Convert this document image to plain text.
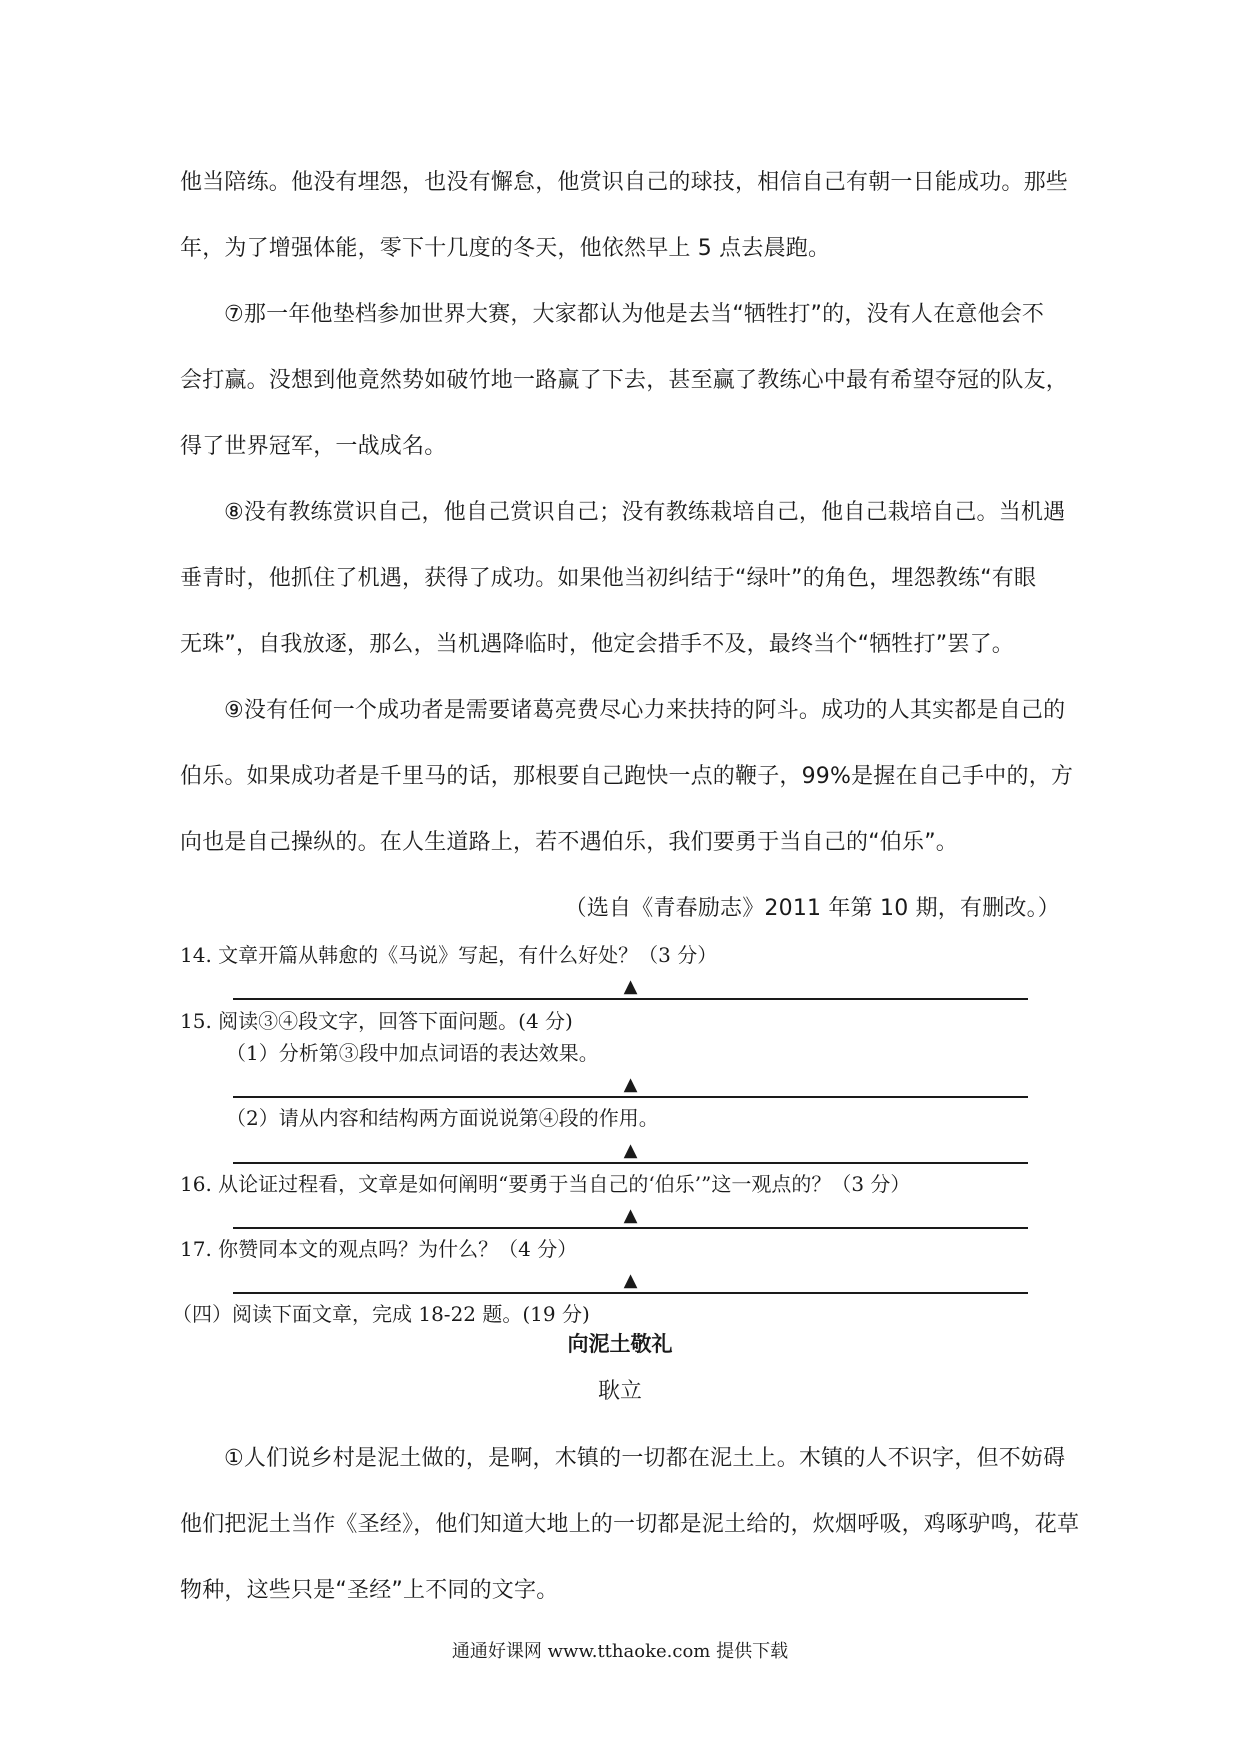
他当陪练。他没有埋怨，也没有懈怠，他赏识自己的球技，相信自己有朝一日能成功。那些
年，为了增强体能，零下十几度的冬天，他依然早上 5 点去晨跑。
⑦那一年他垫档参加世界大赛，大家都认为他是去当“牺牲打”的，没有人在意他会不
会打赢。没想到他竟然势如破竹地一路赢了下去，甚至赢了教练心中最有希望夺冠的队友，
得了世界冠军，一战成名。
⑧没有教练赏识自己，他自己赏识自己；没有教练栽培自己，他自己栽培自己。当机遇
垂青时，他抓住了机遇，获得了成功。如果他当初纠结于“绿叶”的角色，埋怨教练“有眼
无珠”，自我放逐，那么，当机遇降临时，他定会措手不及，最终当个“牺牲打”罢了。
⑨没有任何一个成功者是需要诸葛亮费尽心力来扶持的阿斗。成功的人其实都是自己的
伯乐。如果成功者是千里马的话，那根要自己跑快一点的鞭子，99%是握在自己手中的，方
向也是自己操纵的。在人生道路上，若不遇伯乐，我们要勇于当自己的“伯乐”。
（选自《青春励志》2011 年第 10 期，有删改。）
14. 文章开篇从韩愈的《马说》写起，有什么好处？（3 分）
▲
15. 阅读③④段文字，回答下面问题。(4 分)
（1）分析第③段中加点词语的表达效果。
▲
（2）请从内容和结构两方面说说第④段的作用。
▲
16. 从论证过程看，文章是如何阐明“要勇于当自己的‘伯乐’”这一观点的？（3 分）
▲
17. 你赞同本文的观点吗？为什么？（4 分）
▲
（四）阅读下面文章，完成 18-22 题。(19 分)
向泥土敬礼
耿立
①人们说乡村是泥土做的，是啊，木镇的一切都在泥土上。木镇的人不识字，但不妨碍
他们把泥土当作《圣经》，他们知道大地上的一切都是泥土给的，炊烟呼吸，鸡啄驴鸣，花草
物种，这些只是“圣经”上不同的文字。
通通好课网 www.tthaoke.com 提供下载
